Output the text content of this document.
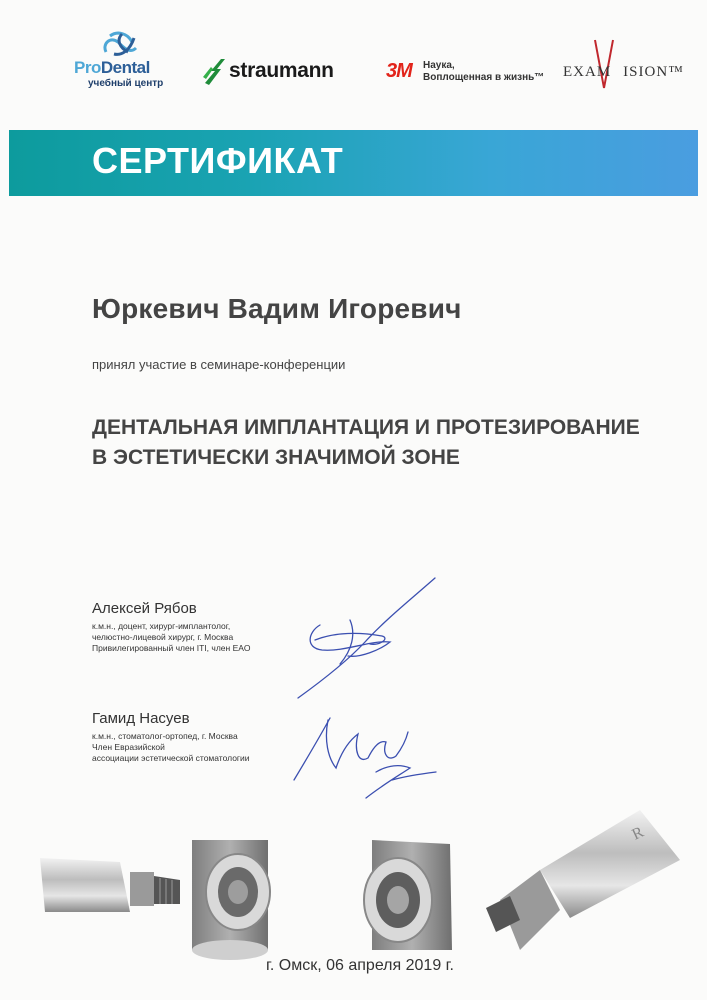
ProDental
учебный центр
straumann	3M Наука,
Воплощенная в жизнь™ EXAM ISION™
СЕРТИФИКАТ
Юркевич Вадим Игоревич
принял участие в семинаре-конференции
ДЕНТАЛЬНАЯ ИМПЛАНТАЦИЯ И ПРОТЕЗИРОВАНИЕ
В ЭСТЕТИЧЕСКИ ЗНАЧИМОЙ ЗОНЕ
Алексей Рябов
к.м.н., доцент, хирург-имплантолог,
челюстно-лицевой хирург, г. Москва
Привилегированный член ITI, член EAO
Гамид Насуев
к.м.н., стоматолог-ортопед, г. Москва
Член Евразийской
ассоциации эстетической стоматологии
R
г. Омск, 06 апреля 2019 г.
